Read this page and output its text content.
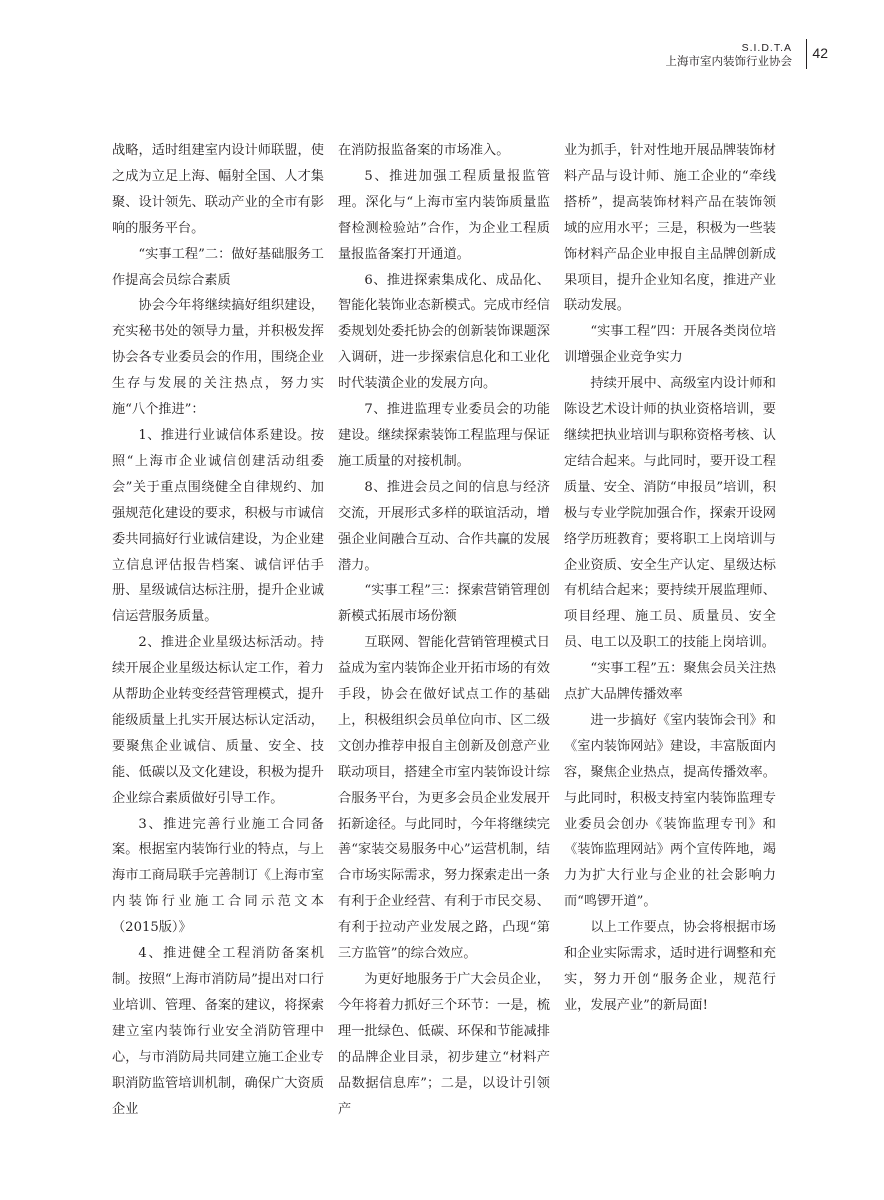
S.I.D.T.A
上海市室内装饰行业协会 42

战略，适时组建室内设计师联盟，使之成为立足上海、幅射全国、人才集聚、设计领先、联动产业的全市有影响的服务平台。

“实事工程”二：做好基础服务工作提高会员综合素质

协会今年将继续搞好组织建设，充实秘书处的领导力量，并积极发挥协会各专业委员会的作用，围绕企业生存与发展的关注热点，努力实施“八个推进”：

1、推进行业诚信体系建设。按照“上海市企业诚信创建活动组委会”关于重点围绕健全自律规约、加强规范化建设的要求，积极与市诚信委共同搞好行业诚信建设，为企业建立信息评估报告档案、诚信评估手册、星级诚信达标注册，提升企业诚信运营服务质量。

2、推进企业星级达标活动。持续开展企业星级达标认定工作，着力从帮助企业转变经营管理模式，提升能级质量上扎实开展达标认定活动，要聚焦企业诚信、质量、安全、技能、低碳以及文化建设，积极为提升企业综合素质做好引导工作。

3、推进完善行业施工合同备案。根据室内装饰行业的特点，与上海市工商局联手完善制订《上海市室内装饰行业施工合同示范文本（2015版）》

4、推进健全工程消防备案机制。按照“上海市消防局”提出对口行业培训、管理、备案的建议，将探索建立室内装饰行业安全消防管理中心，与市消防局共同建立施工企业专职消防监管培训机制，确保广大资质企业

在消防报监备案的市场准入。

5、推进加强工程质量报监管理。深化与“上海市室内装饰质量监督检测检验站”合作，为企业工程质量报监备案打开通道。

6、推进探索集成化、成品化、智能化装饰业态新模式。完成市经信委规划处委托协会的创新装饰课题深入调研，进一步探索信息化和工业化时代装潢企业的发展方向。

7、推进监理专业委员会的功能建设。继续探索装饰工程监理与保证施工质量的对接机制。

8、推进会员之间的信息与经济交流，开展形式多样的联谊活动，增强企业间融合互动、合作共赢的发展潜力。

“实事工程”三：探索营销管理创新模式拓展市场份额

互联网、智能化营销管理模式日益成为室内装饰企业开拓市场的有效手段，协会在做好试点工作的基础上，积极组织会员单位向市、区二级文创办推荐申报自主创新及创意产业联动项目，搭建全市室内装饰设计综合服务平台，为更多会员企业发展开拓新途径。与此同时，今年将继续完善“家装交易服务中心”运营机制，结合市场实际需求，努力探索走出一条有利于企业经营、有利于市民交易、有利于拉动产业发展之路，凸现“第三方监管”的综合效应。

为更好地服务于广大会员企业，今年将着力抓好三个环节：一是，梳理一批绿色、低碳、环保和节能减排的品牌企业目录，初步建立“材料产品数据信息库”；二是，以设计引领产

业为抓手，针对性地开展品牌装饰材料产品与设计师、施工企业的“牵线搭桥”，提高装饰材料产品在装饰领域的应用水平；三是，积极为一些装饰材料产品企业申报自主品牌创新成果项目，提升企业知名度，推进产业联动发展。

“实事工程”四：开展各类岗位培训增强企业竞争实力

持续开展中、高级室内设计师和陈设艺术设计师的执业资格培训，要继续把执业培训与职称资格考核、认定结合起来。与此同时，要开设工程质量、安全、消防“申报员”培训，积极与专业学院加强合作，探索开设网络学历班教育；要将职工上岗培训与企业资质、安全生产认定、星级达标有机结合起来；要持续开展监理师、项目经理、施工员、质量员、安全员、电工以及职工的技能上岗培训。

“实事工程”五：聚焦会员关注热点扩大品牌传播效率

进一步搞好《室内装饰会刊》和《室内装饰网站》建设，丰富版面内容，聚焦企业热点，提高传播效率。与此同时，积极支持室内装饰监理专业委员会创办《装饰监理专刊》和《装饰监理网站》两个宣传阵地，竭力为扩大行业与企业的社会影响力而“鸣锣开道”。

以上工作要点，协会将根据市场和企业实际需求，适时进行调整和充实，努力开创“服务企业，规范行业，发展产业”的新局面!
